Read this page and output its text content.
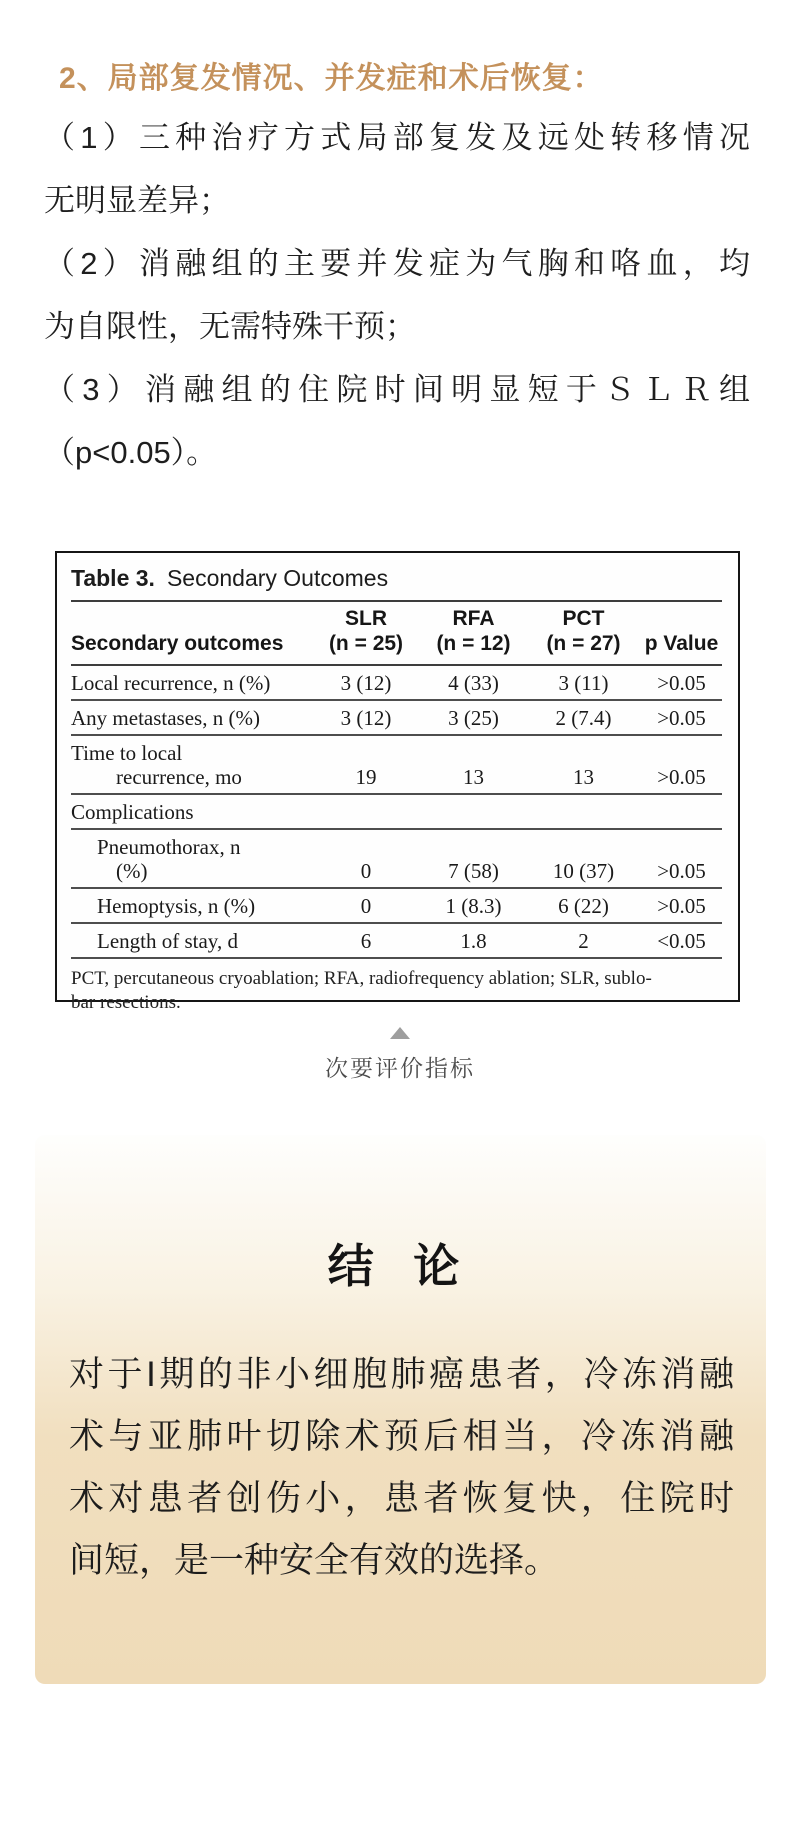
2、局部复发情况、并发症和术后恢复：

（1）三种治疗方式局部复发及远处转移情况
无明显差异；

（2）消融组的主要并发症为气胸和咯血，均
为自限性，无需特殊干预；

（3）消融组的住院时间明显短于ＳＬＲ组
（p<0.05）。

Table 3. Secondary Outcomes
SLR	RFA	PCT
Secondary outcomes	(n = 25)	(n = 12)	(n = 27)	p Value
Local recurrence, n (%)	3 (12)	4 (33)	3 (11)	>0.05
Any metastases, n (%)	3 (12)	3 (25)	2 (7.4)	>0.05
Time to local
recurrence, mo	19	13	13	>0.05
Complications
Pneumothorax, n
(%)	0	7 (58)	10 (37)	>0.05
Hemoptysis, n (%)	0	1 (8.3)	6 (22)	>0.05
Length of stay, d	6	1.8	2	<0.05
PCT, percutaneous cryoablation; RFA, radiofrequency ablation; SLR, sublo-
bar resections.
次要评价指标
结 论
对于I期的非小细胞肺癌患者，冷冻消融
术与亚肺叶切除术预后相当，冷冻消融
术对患者创伤小，患者恢复快，住院时
间短，是一种安全有效的选择。
